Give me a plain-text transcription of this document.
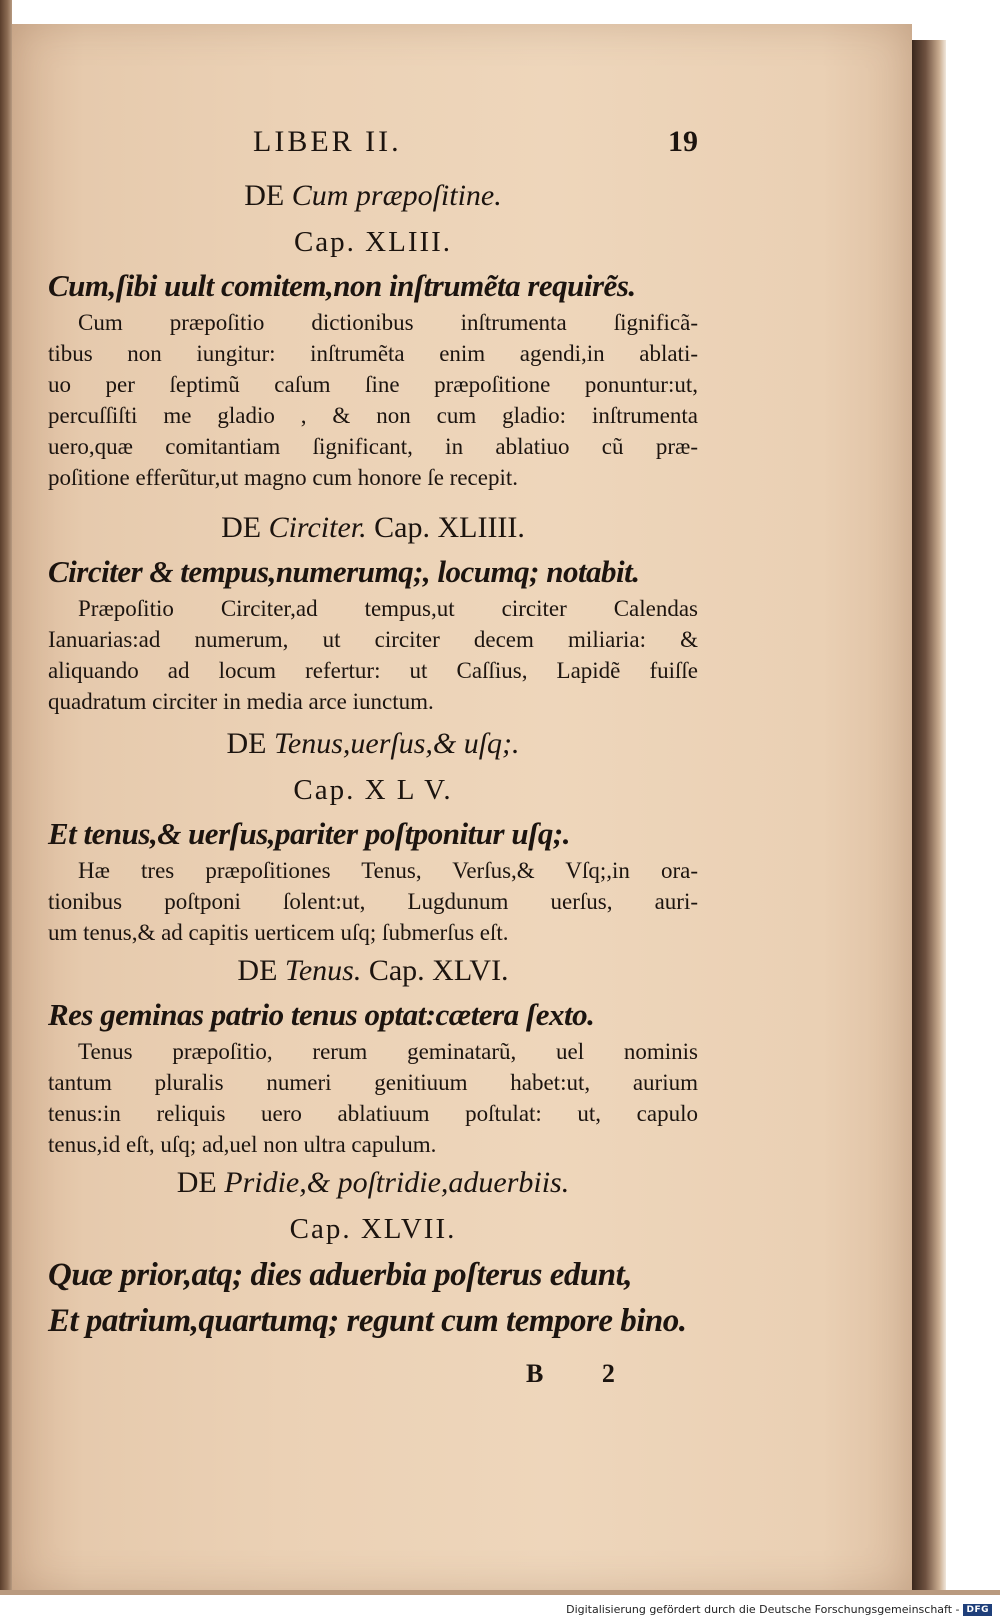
LIBER II.	19
DE Cum præpoſitine.
Cap. XLIII.
Cum,ſibi uult comitem,non inſtrumẽta requirẽs.
Cum præpoſitio dictionibus inſtrumenta ſignificã-
tibus non iungitur: inſtrumẽta enim agendi,in ablati-
uo per ſeptimũ caſum ſine præpoſitione ponuntur:ut,
percuſſiſti me gladio , & non cum gladio: inſtrumenta
uero,quæ comitantiam ſignificant, in ablatiuo cũ præ-
poſitione efferũtur,ut magno cum honore ſe recepit.
DE Circiter. Cap. XLIIII.
Circiter & tempus,numerumq;, locumq; notabit.
Præpoſitio Circiter,ad tempus,ut circiter Calendas
Ianuarias:ad numerum, ut circiter decem miliaria: &
aliquando ad locum refertur: ut Caſſius, Lapidẽ fuiſſe
quadratum circiter in media arce iunctum.
DE Tenus,uerſus,& uſq;.
Cap. X L V.
Et tenus,& uerſus,pariter poſtponitur uſq;.
Hæ tres præpoſitiones Tenus, Verſus,& Vſq;,in ora-
tionibus poſtponi ſolent:ut, Lugdunum uerſus, auri-
um tenus,& ad capitis uerticem uſq; ſubmerſus eſt.
DE Tenus. Cap. XLVI.
Res geminas patrio tenus optat:cætera ſexto.
Tenus præpoſitio, rerum geminatarũ, uel nominis
tantum pluralis numeri genitiuum habet:ut, aurium
tenus:in reliquis uero ablatiuum poſtulat: ut, capulo
tenus,id eſt, uſq; ad,uel non ultra capulum.
DE Pridie,& poſtridie,aduerbiis.
Cap. XLVII.
Quæ prior,atq; dies aduerbia poſterus edunt,
Et patrium,quartumq; regunt cum tempore bino.
B 2
Digitalisierung gefördert durch die Deutsche Forschungsgemeinschaft - DFG
